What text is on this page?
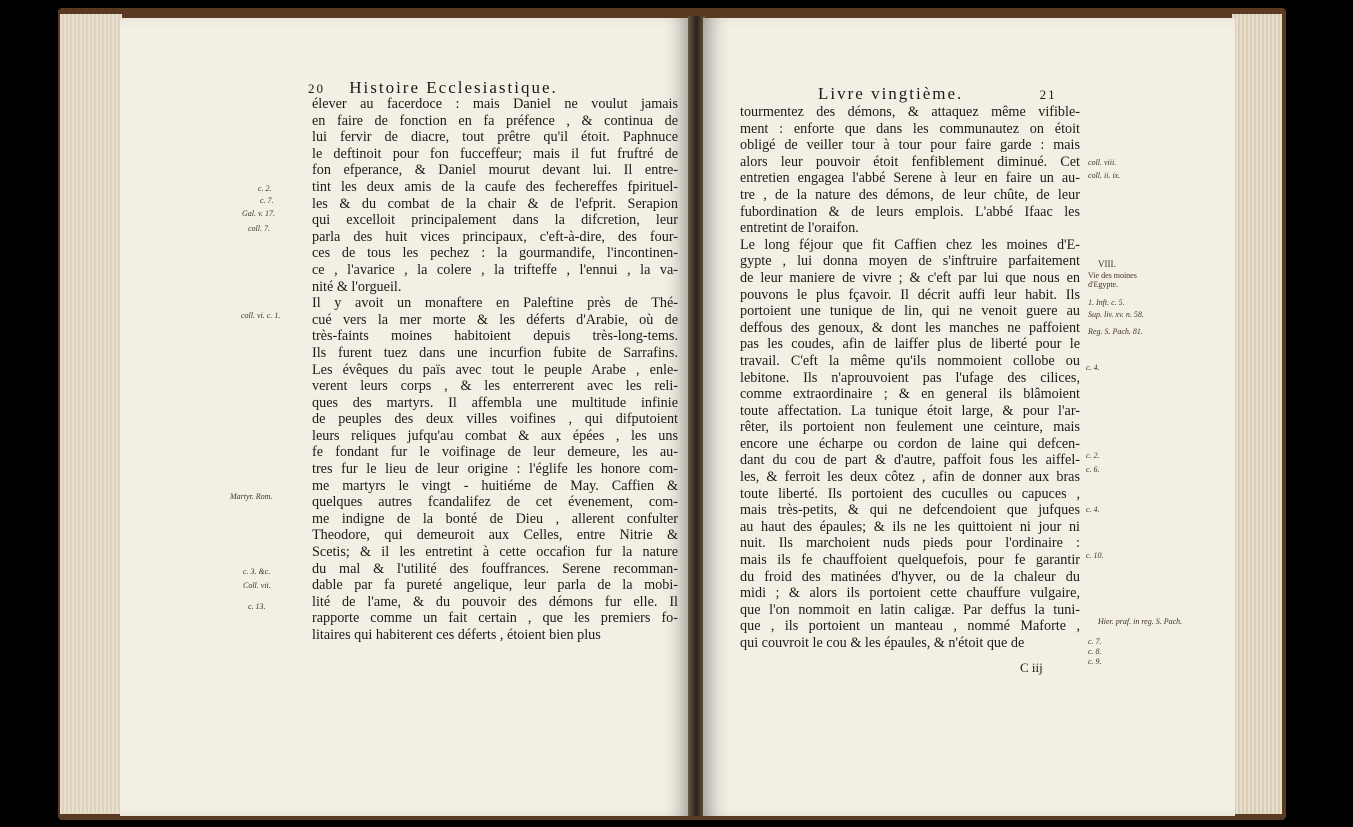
20 Histoire Ecclesiastique.
élever au facerdoce : mais Daniel ne voulut jamais
en faire de fonction en fa préfence , & continua de
lui fervir de diacre, tout prêtre qu'il étoit. Paphnuce
le deftinoit pour fon fucceffeur; mais il fut fruftré de
fon efperance, & Daniel mourut devant lui. Il entre-
tint les deux amis de la caufe des fechereffes fpirituel-
les & du combat de la chair & de l'efprit. Serapion
qui excelloit principalement dans la difcretion, leur
parla des huit vices principaux, c'eft-à-dire, des four-
ces de tous les pechez : la gourmandife, l'incontinen-
ce , l'avarice , la colere , la trifteffe , l'ennui , la va-
nité & l'orgueil.
Il y avoit un monaftere en Paleftine près de Thé-
cué vers la mer morte & les déferts d'Arabie, où de
très-faints moines habitoient depuis très-long-tems.
Ils furent tuez dans une incurfion fubite de Sarrafins.
Les évêques du païs avec tout le peuple Arabe , enle-
verent leurs corps , & les enterrerent avec les reli-
ques des martyrs. Il affembla une multitude infinie
de peuples des deux villes voifines , qui difputoient
leurs reliques jufqu'au combat & aux épées , les uns
fe fondant fur le voifinage de leur demeure, les au-
tres fur le lieu de leur origine : l'églife les honore com-
me martyrs le vingt - huitiéme de May. Caffien &
quelques autres fcandalifez de cet évenement, com-
me indigne de la bonté de Dieu , allerent confulter
Theodore, qui demeuroit aux Celles, entre Nitrie &
Scetis; & il les entretint à cette occafion fur la nature
du mal & l'utilité des fouffrances. Serene recomman-
dable par fa pureté angelique, leur parla de la mobi-
lité de l'ame, & du pouvoir des démons fur elle. Il
rapporte comme un fait certain , que les premiers fo-
litaires qui habiterent ces déferts , étoient bien plus
c. 2.
c. 7.
Gal. v. 17.
coll. 7.
coll. vi. c. 1.
Martyr. Rom.
c. 3. &c.
Coll. vii.
c. 13.
Livre vingtième.	21
tourmentez des démons, & attaquez même vifible-
ment : enforte que dans les communautez on étoit
obligé de veiller tour à tour pour faire garde : mais
alors leur pouvoir étoit fenfiblement diminué. Cet
entretien engagea l'abbé Serene à leur en faire un au-
tre , de la nature des démons, de leur chûte, de leur
fubordination & de leurs emplois. L'abbé Ifaac les
entretint de l'oraifon.
Le long féjour que fit Caffien chez les moines d'E-
gypte , lui donna moyen de s'inftruire parfaitement
de leur maniere de vivre ; & c'eft par lui que nous en
pouvons le plus fçavoir. Il décrit auffi leur habit. Ils
portoient une tunique de lin, qui ne venoit guere au
deffous des genoux, & dont les manches ne paffoient
pas les coudes, afin de laiffer plus de liberté pour le
travail. C'eft la même qu'ils nommoient collobe ou
lebitone. Ils n'aprouvoient pas l'ufage des cilices,
comme extraordinaire ; & en general ils blâmoient
toute affectation. La tunique étoit large, & pour l'ar-
rêter, ils portoient non feulement une ceinture, mais
encore une écharpe ou cordon de laine qui defcen-
dant du cou de part & d'autre, paffoit fous les aiffel-
les, & ferroit les deux côtez , afin de donner aux bras
toute liberté. Ils portoient des cuculles ou capuces ,
mais très-petits, & qui ne defcendoient que jufques
au haut des épaules; & ils ne les quittoient ni jour ni
nuit. Ils marchoient nuds pieds pour l'ordinaire :
mais ils fe chauffoient quelquefois, pour fe garantir
du froid des matinées d'hyver, ou de la chaleur du
midi ; & alors ils portoient cette chauffure vulgaire,
que l'on nommoit en latin caligæ. Par deffus la tuni-
que , ils portoient un manteau , nommé Maforte ,
qui couvroit le cou & les épaules, & n'étoit que de
VIII.
Vie des moines
d'Egypte.
coll. viii.
coll. ii. ix.
1. Inft. c. 5.
Sup. liv. xv. n. 58.
Reg. S. Pach. 81.
c. 4.
c. 2.
c. 6.
c. 4.
c. 10.
Hier. praf. in reg. S. Pach.
c. 7.
c. 8.
c. 9.
C iij
